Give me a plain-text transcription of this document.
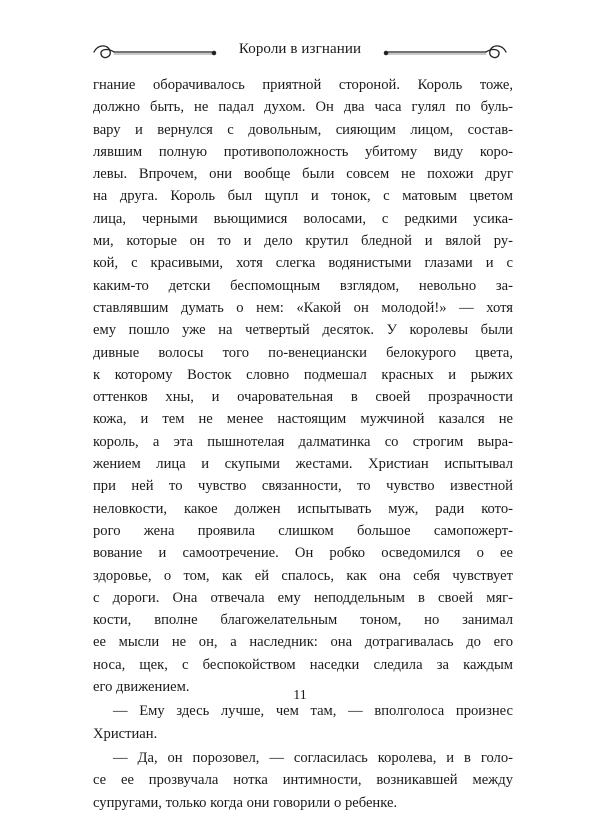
Короли в изгнании
гнание оборачивалось приятной стороной. Король тоже,
должно быть, не падал духом. Он два часа гулял по буль-
вару и вернулся с довольным, сияющим лицом, состав-
лявшим полную противоположность убитому виду коро-
левы. Впрочем, они вообще были совсем не похожи друг
на друга. Король был щупл и тонок, с матовым цветом
лица, черными вьющимися волосами, с редкими усика-
ми, которые он то и дело крутил бледной и вялой ру-
кой, с красивыми, хотя слегка водянистыми глазами и с
каким-то детски беспомощным взглядом, невольно за-
ставлявшим думать о нем: «Какой он молодой!» — хотя
ему пошло уже на четвертый десяток. У королевы были
дивные волосы того по-венециански белокурого цвета,
к которому Восток словно подмешал красных и рыжих
оттенков хны, и очаровательная в своей прозрачности
кожа, и тем не менее настоящим мужчиной казался не
король, а эта пышнотелая далматинка со строгим выра-
жением лица и скупыми жестами. Христиан испытывал
при ней то чувство связанности, то чувство известной
неловкости, какое должен испытывать муж, ради кото-
рого жена проявила слишком большое самопожерт-
вование и самоотречение. Он робко осведомился о ее
здоровье, о том, как ей спалось, как она себя чувствует
с дороги. Она отвечала ему неподдельным в своей мяг-
кости, вполне благожелательным тоном, но занимал
ее мысли не он, а наследник: она дотрагивалась до его
носа, щек, с беспокойством наседки следила за каждым
его движением.
— Ему здесь лучше, чем там, — вполголоса произнес
Христиан.
— Да, он порозовел, — согласилась королева, и в голо-
се ее прозвучала нотка интимности, возникавшей между
супругами, только когда они говорили о ребенке.
11
